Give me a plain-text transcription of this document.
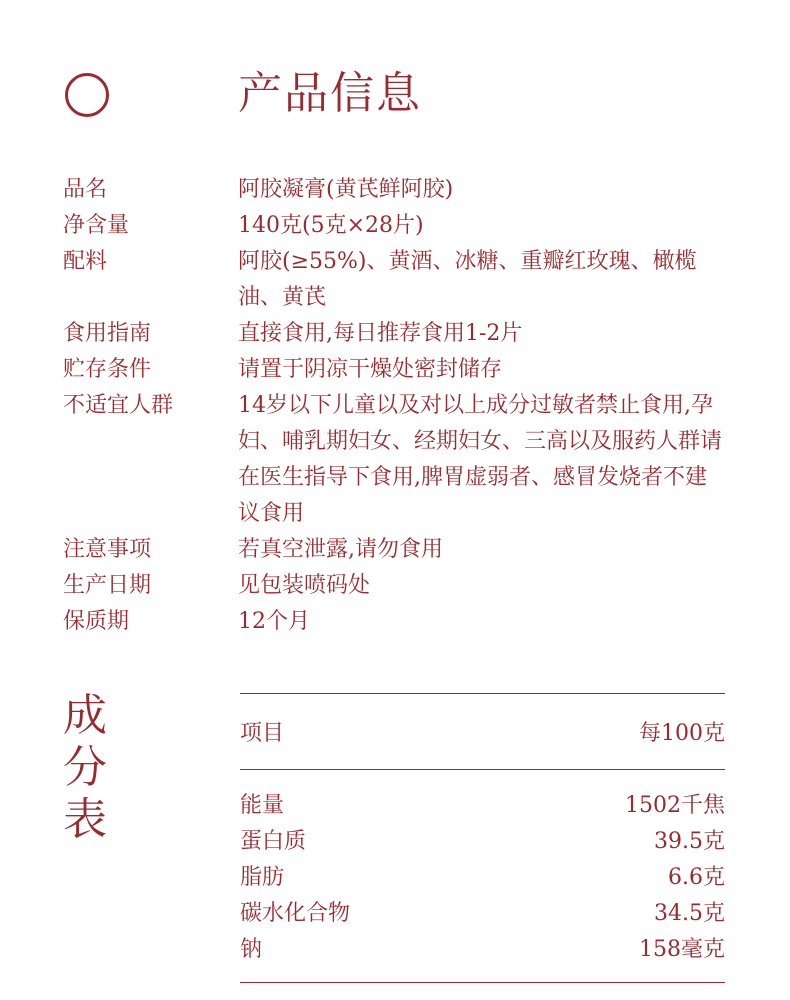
产品信息
品名	阿胶凝膏(黄芪鲜阿胶)
净含量	140克(5克×28片)
配料	阿胶(≥55%)、黄酒、冰糖、重瓣红玫瑰、橄榄油、黄芪
食用指南	直接食用,每日推荐食用1-2片
贮存条件	请置于阴凉干燥处密封储存
不适宜人群	14岁以下儿童以及对以上成分过敏者禁止食用,孕妇、哺乳期妇女、经期妇女、三高以及服药人群请在医生指导下食用,脾胃虚弱者、感冒发烧者不建议食用
注意事项	若真空泄露,请勿食用
生产日期	见包装喷码处
保质期	12个月
成
分
表
项目	每100克
能量	1502千焦
蛋白质	39.5克
脂肪	6.6克
碳水化合物	34.5克
钠	158毫克
